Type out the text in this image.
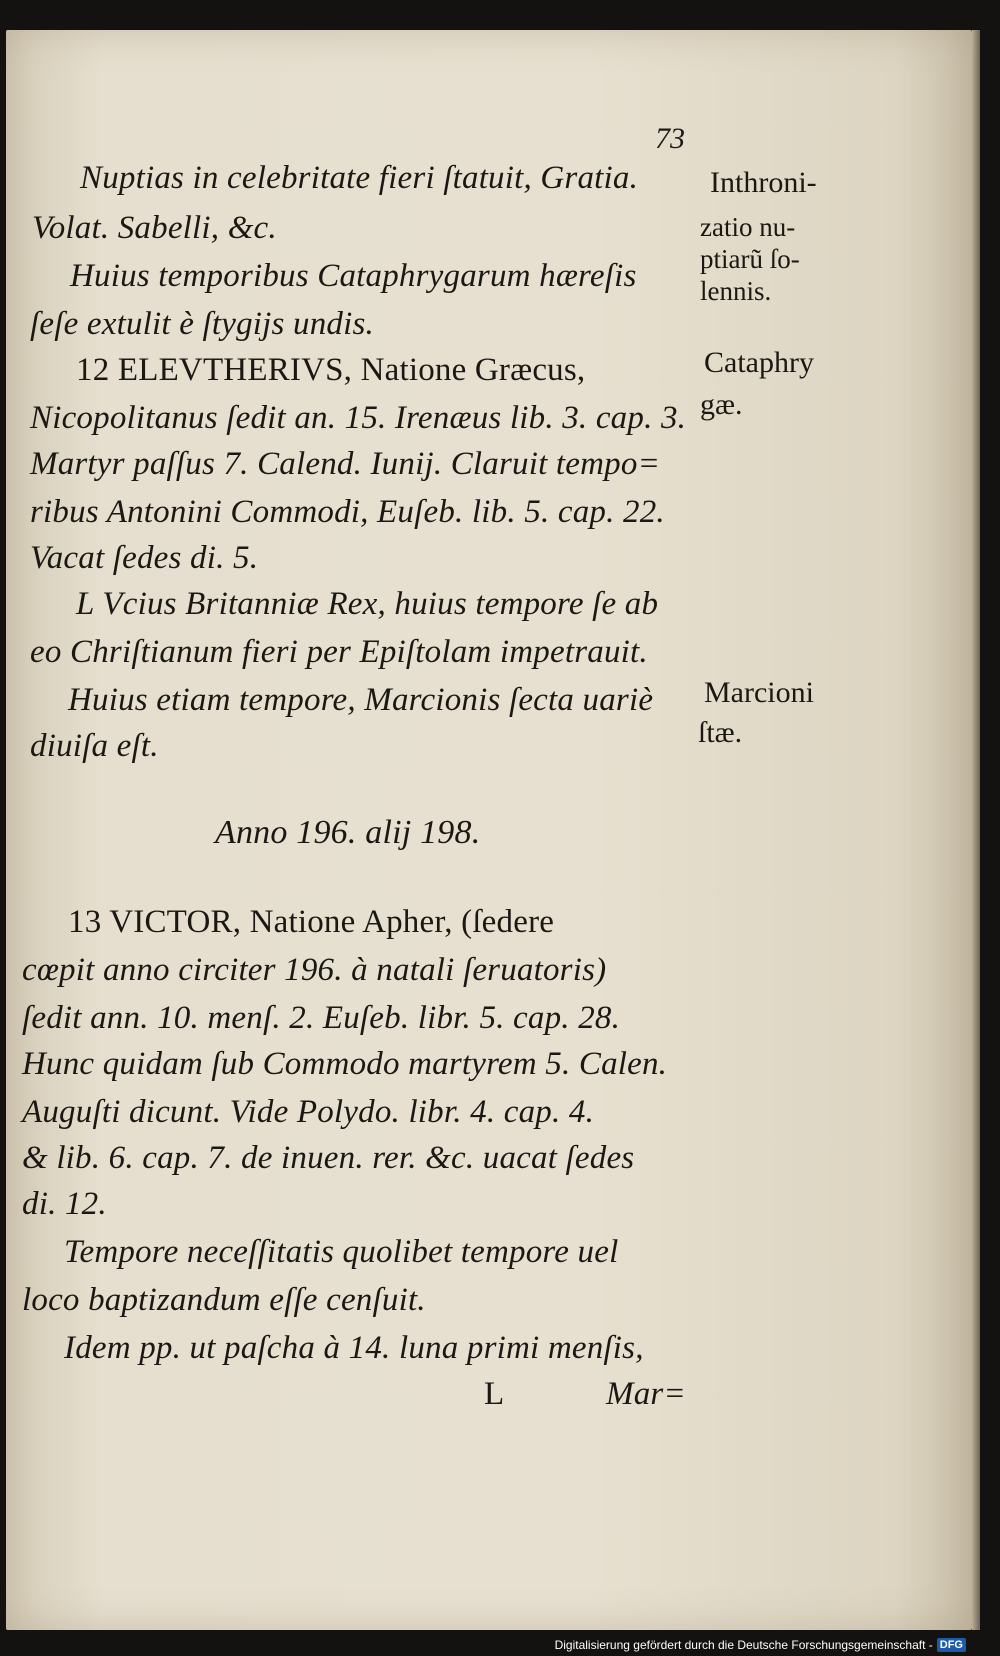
73
Nuptias in celebritate fieri ſtatuit, Gratia.
Volat. Sabelli, &c.
Huius temporibus Cataphrygarum hæreſis
ſeſe extulit è ſtygijs undis.
12 ELEVTHERIVS, Natione Græcus,
Nicopolitanus ſedit an. 15. Irenæus lib. 3. cap. 3.
Martyr paſſus 7. Calend. Iunij. Claruit tempo=
ribus Antonini Commodi, Euſeb. lib. 5. cap. 22.
Vacat ſedes di. 5.
L Vcius Britanniæ Rex, huius tempore ſe ab
eo Chriſtianum fieri per Epiſtolam impetrauit.
Huius etiam tempore, Marcionis ſecta uariè
diuiſa eſt.
Anno 196. alij 198.
13 VICTOR, Natione Apher, (ſedere
cœpit anno circiter 196. à natali ſeruatoris)
ſedit ann. 10. menſ. 2. Euſeb. libr. 5. cap. 28.
Hunc quidam ſub Commodo martyrem 5. Calen.
Auguſti dicunt. Vide Polydo. libr. 4. cap. 4.
& lib. 6. cap. 7. de inuen. rer. &c. uacat ſedes
di. 12.
Tempore neceſſitatis quolibet tempore uel
loco baptizandum eſſe cenſuit.
Idem pp. ut paſcha à 14. luna primi menſis,
L	Mar=
Inthroni-
zatio nu-
ptiarũ ſo-
lennis.
Cataphry
gæ.
Marcioni
ſtæ.
Digitalisierung gefördert durch die Deutsche Forschungsgemeinschaft - DFG
